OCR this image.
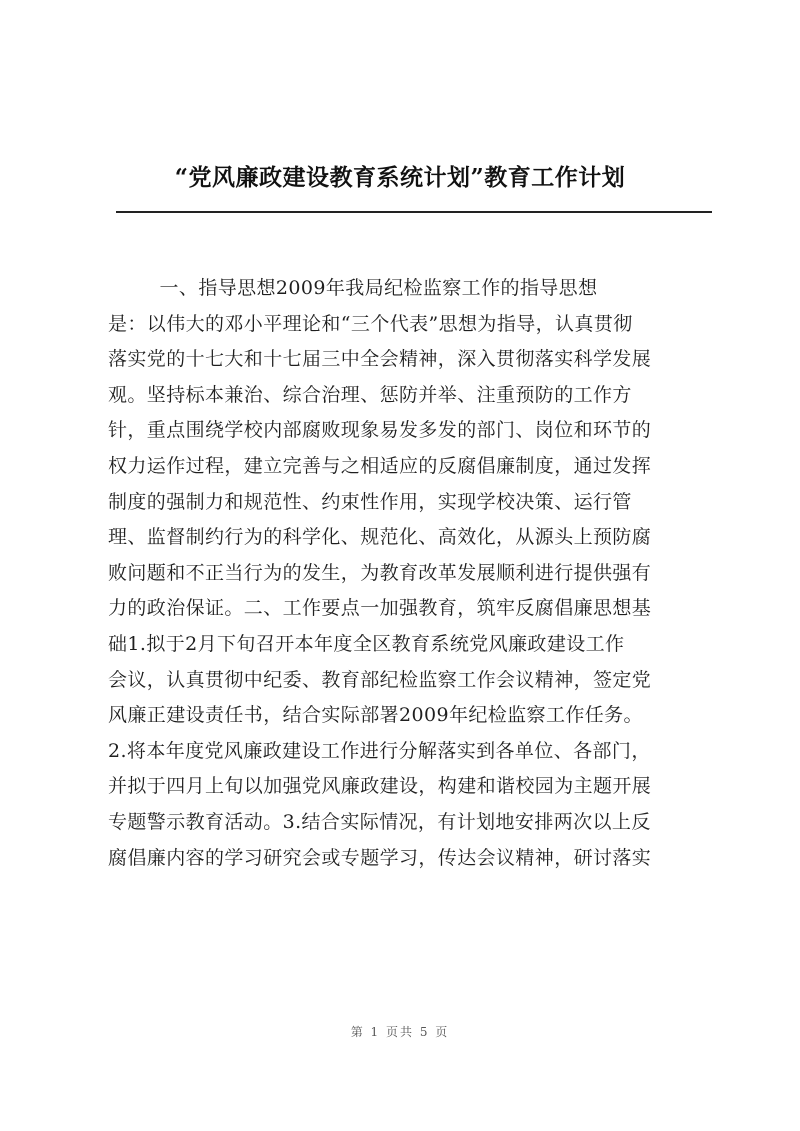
“党风廉政建设教育系统计划”教育工作计划
一、指导思想2009年我局纪检监察工作的指导思想
是：以伟大的邓小平理论和“三个代表”思想为指导，认真贯彻
落实党的十七大和十七届三中全会精神，深入贯彻落实科学发展
观。坚持标本兼治、综合治理、惩防并举、注重预防的工作方
针，重点围绕学校内部腐败现象易发多发的部门、岗位和环节的
权力运作过程，建立完善与之相适应的反腐倡廉制度，通过发挥
制度的强制力和规范性、约束性作用，实现学校决策、运行管
理、监督制约行为的科学化、规范化、高效化，从源头上预防腐
败问题和不正当行为的发生，为教育改革发展顺利进行提供强有
力的政治保证。二、工作要点一加强教育，筑牢反腐倡廉思想基
础1.拟于2月下旬召开本年度全区教育系统党风廉政建设工作
会议，认真贯彻中纪委、教育部纪检监察工作会议精神，签定党
风廉正建设责任书，结合实际部署2009年纪检监察工作任务。
2.将本年度党风廉政建设工作进行分解落实到各单位、各部门，
并拟于四月上旬以加强党风廉政建设，构建和谐校园为主题开展
专题警示教育活动。3.结合实际情况，有计划地安排两次以上反
腐倡廉内容的学习研究会或专题学习，传达会议精神，研讨落实
第 1 页共 5 页
